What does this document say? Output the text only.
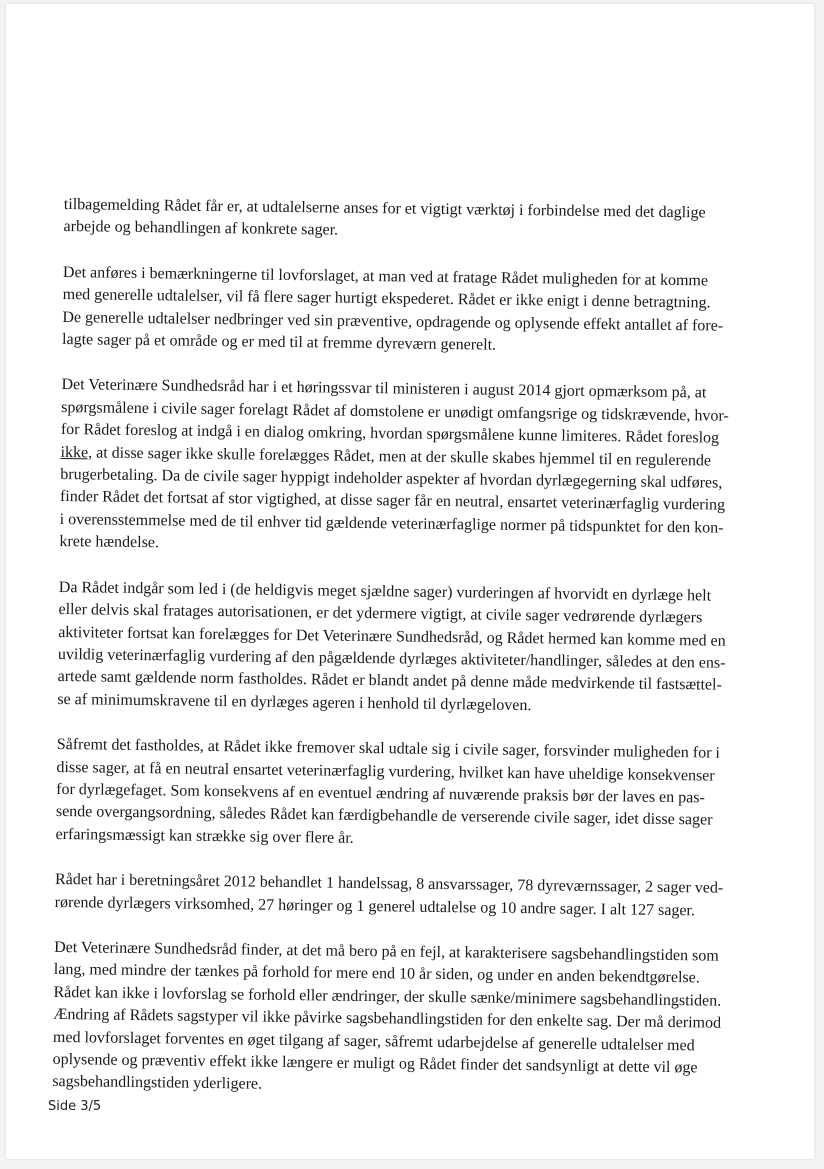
tilbagemelding Rådet får er, at udtalelserne anses for et vigtigt værktøj i forbindelse med det daglige
arbejde og behandlingen af konkrete sager.

Det anføres i bemærkningerne til lovforslaget, at man ved at fratage Rådet muligheden for at komme
med generelle udtalelser, vil få flere sager hurtigt ekspederet. Rådet er ikke enigt i denne betragtning.
De generelle udtalelser nedbringer ved sin præventive, opdragende og oplysende effekt antallet af fore-
lagte sager på et område og er med til at fremme dyreværn generelt.

Det Veterinære Sundhedsråd har i et høringssvar til ministeren i august 2014 gjort opmærksom på, at
spørgsmålene i civile sager forelagt Rådet af domstolene er unødigt omfangsrige og tidskrævende, hvor-
for Rådet foreslog at indgå i en dialog omkring, hvordan spørgsmålene kunne limiteres. Rådet foreslog
ikke, at disse sager ikke skulle forelægges Rådet, men at der skulle skabes hjemmel til en regulerende
brugerbetaling. Da de civile sager hyppigt indeholder aspekter af hvordan dyrlægegerning skal udføres,
finder Rådet det fortsat af stor vigtighed, at disse sager får en neutral, ensartet veterinærfaglig vurdering
i overensstemmelse med de til enhver tid gældende veterinærfaglige normer på tidspunktet for den kon-
krete hændelse.

Da Rådet indgår som led i (de heldigvis meget sjældne sager) vurderingen af hvorvidt en dyrlæge helt
eller delvis skal fratages autorisationen, er det ydermere vigtigt, at civile sager vedrørende dyrlægers
aktiviteter fortsat kan forelægges for Det Veterinære Sundhedsråd, og Rådet hermed kan komme med en
uvildig veterinærfaglig vurdering af den pågældende dyrlæges aktiviteter/handlinger, således at den ens-
artede samt gældende norm fastholdes. Rådet er blandt andet på denne måde medvirkende til fastsættel-
se af minimumskravene til en dyrlæges ageren i henhold til dyrlægeloven.

Såfremt det fastholdes, at Rådet ikke fremover skal udtale sig i civile sager, forsvinder muligheden for i
disse sager, at få en neutral ensartet veterinærfaglig vurdering, hvilket kan have uheldige konsekvenser
for dyrlægefaget. Som konsekvens af en eventuel ændring af nuværende praksis bør der laves en pas-
sende overgangsordning, således Rådet kan færdigbehandle de verserende civile sager, idet disse sager
erfaringsmæssigt kan strække sig over flere år.

Rådet har i beretningsåret 2012 behandlet 1 handelssag, 8 ansvarssager, 78 dyreværnssager, 2 sager ved-
rørende dyrlægers virksomhed, 27 høringer og 1 generel udtalelse og 10 andre sager. I alt 127 sager.

Det Veterinære Sundhedsråd finder, at det må bero på en fejl, at karakterisere sagsbehandlingstiden som
lang, med mindre der tænkes på forhold for mere end 10 år siden, og under en anden bekendtgørelse.
Rådet kan ikke i lovforslag se forhold eller ændringer, der skulle sænke/minimere sagsbehandlingstiden.
Ændring af Rådets sagstyper vil ikke påvirke sagsbehandlingstiden for den enkelte sag. Der må derimod
med lovforslaget forventes en øget tilgang af sager, såfremt udarbejdelse af generelle udtalelser med
oplysende og præventiv effekt ikke længere er muligt og Rådet finder det sandsynligt at dette vil øge
sagsbehandlingstiden yderligere.

Side 3/5
